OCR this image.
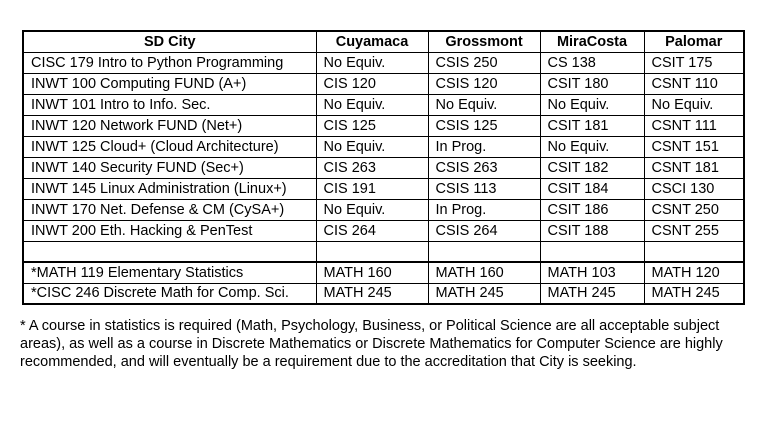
SD City	Cuyamaca	Grossmont	MiraCosta	Palomar
CISC 179 Intro to Python Programming	No Equiv.	CSIS 250	CS 138	CSIT 175
INWT 100 Computing FUND (A+)	CIS 120	CSIS 120	CSIT 180	CSNT 110
INWT 101 Intro to Info. Sec.	No Equiv.	No Equiv.	No Equiv.	No Equiv.
INWT 120 Network FUND (Net+)	CIS 125	CSIS 125	CSIT 181	CSNT 111
INWT 125 Cloud+ (Cloud Architecture)	No Equiv.	In Prog.	No Equiv.	CSNT 151
INWT 140 Security FUND (Sec+)	CIS 263	CSIS 263	CSIT 182	CSNT 181
INWT 145 Linux Administration (Linux+)	CIS 191	CSIS 113	CSIT 184	CSCI 130
INWT 170 Net. Defense & CM (CySA+)	No Equiv.	In Prog.	CSIT 186	CSNT 250
INWT 200 Eth. Hacking & PenTest	CIS 264	CSIS 264	CSIT 188	CSNT 255

*MATH 119 Elementary Statistics	MATH 160	MATH 160	MATH 103	MATH 120
*CISC 246 Discrete Math for Comp. Sci.	MATH 245	MATH 245	MATH 245	MATH 245

* A course in statistics is required (Math, Psychology, Business, or Political Science are all acceptable subject areas), as well as a course in Discrete Mathematics or Discrete Mathematics for Computer Science are highly recommended, and will eventually be a requirement due to the accreditation that City is seeking.
